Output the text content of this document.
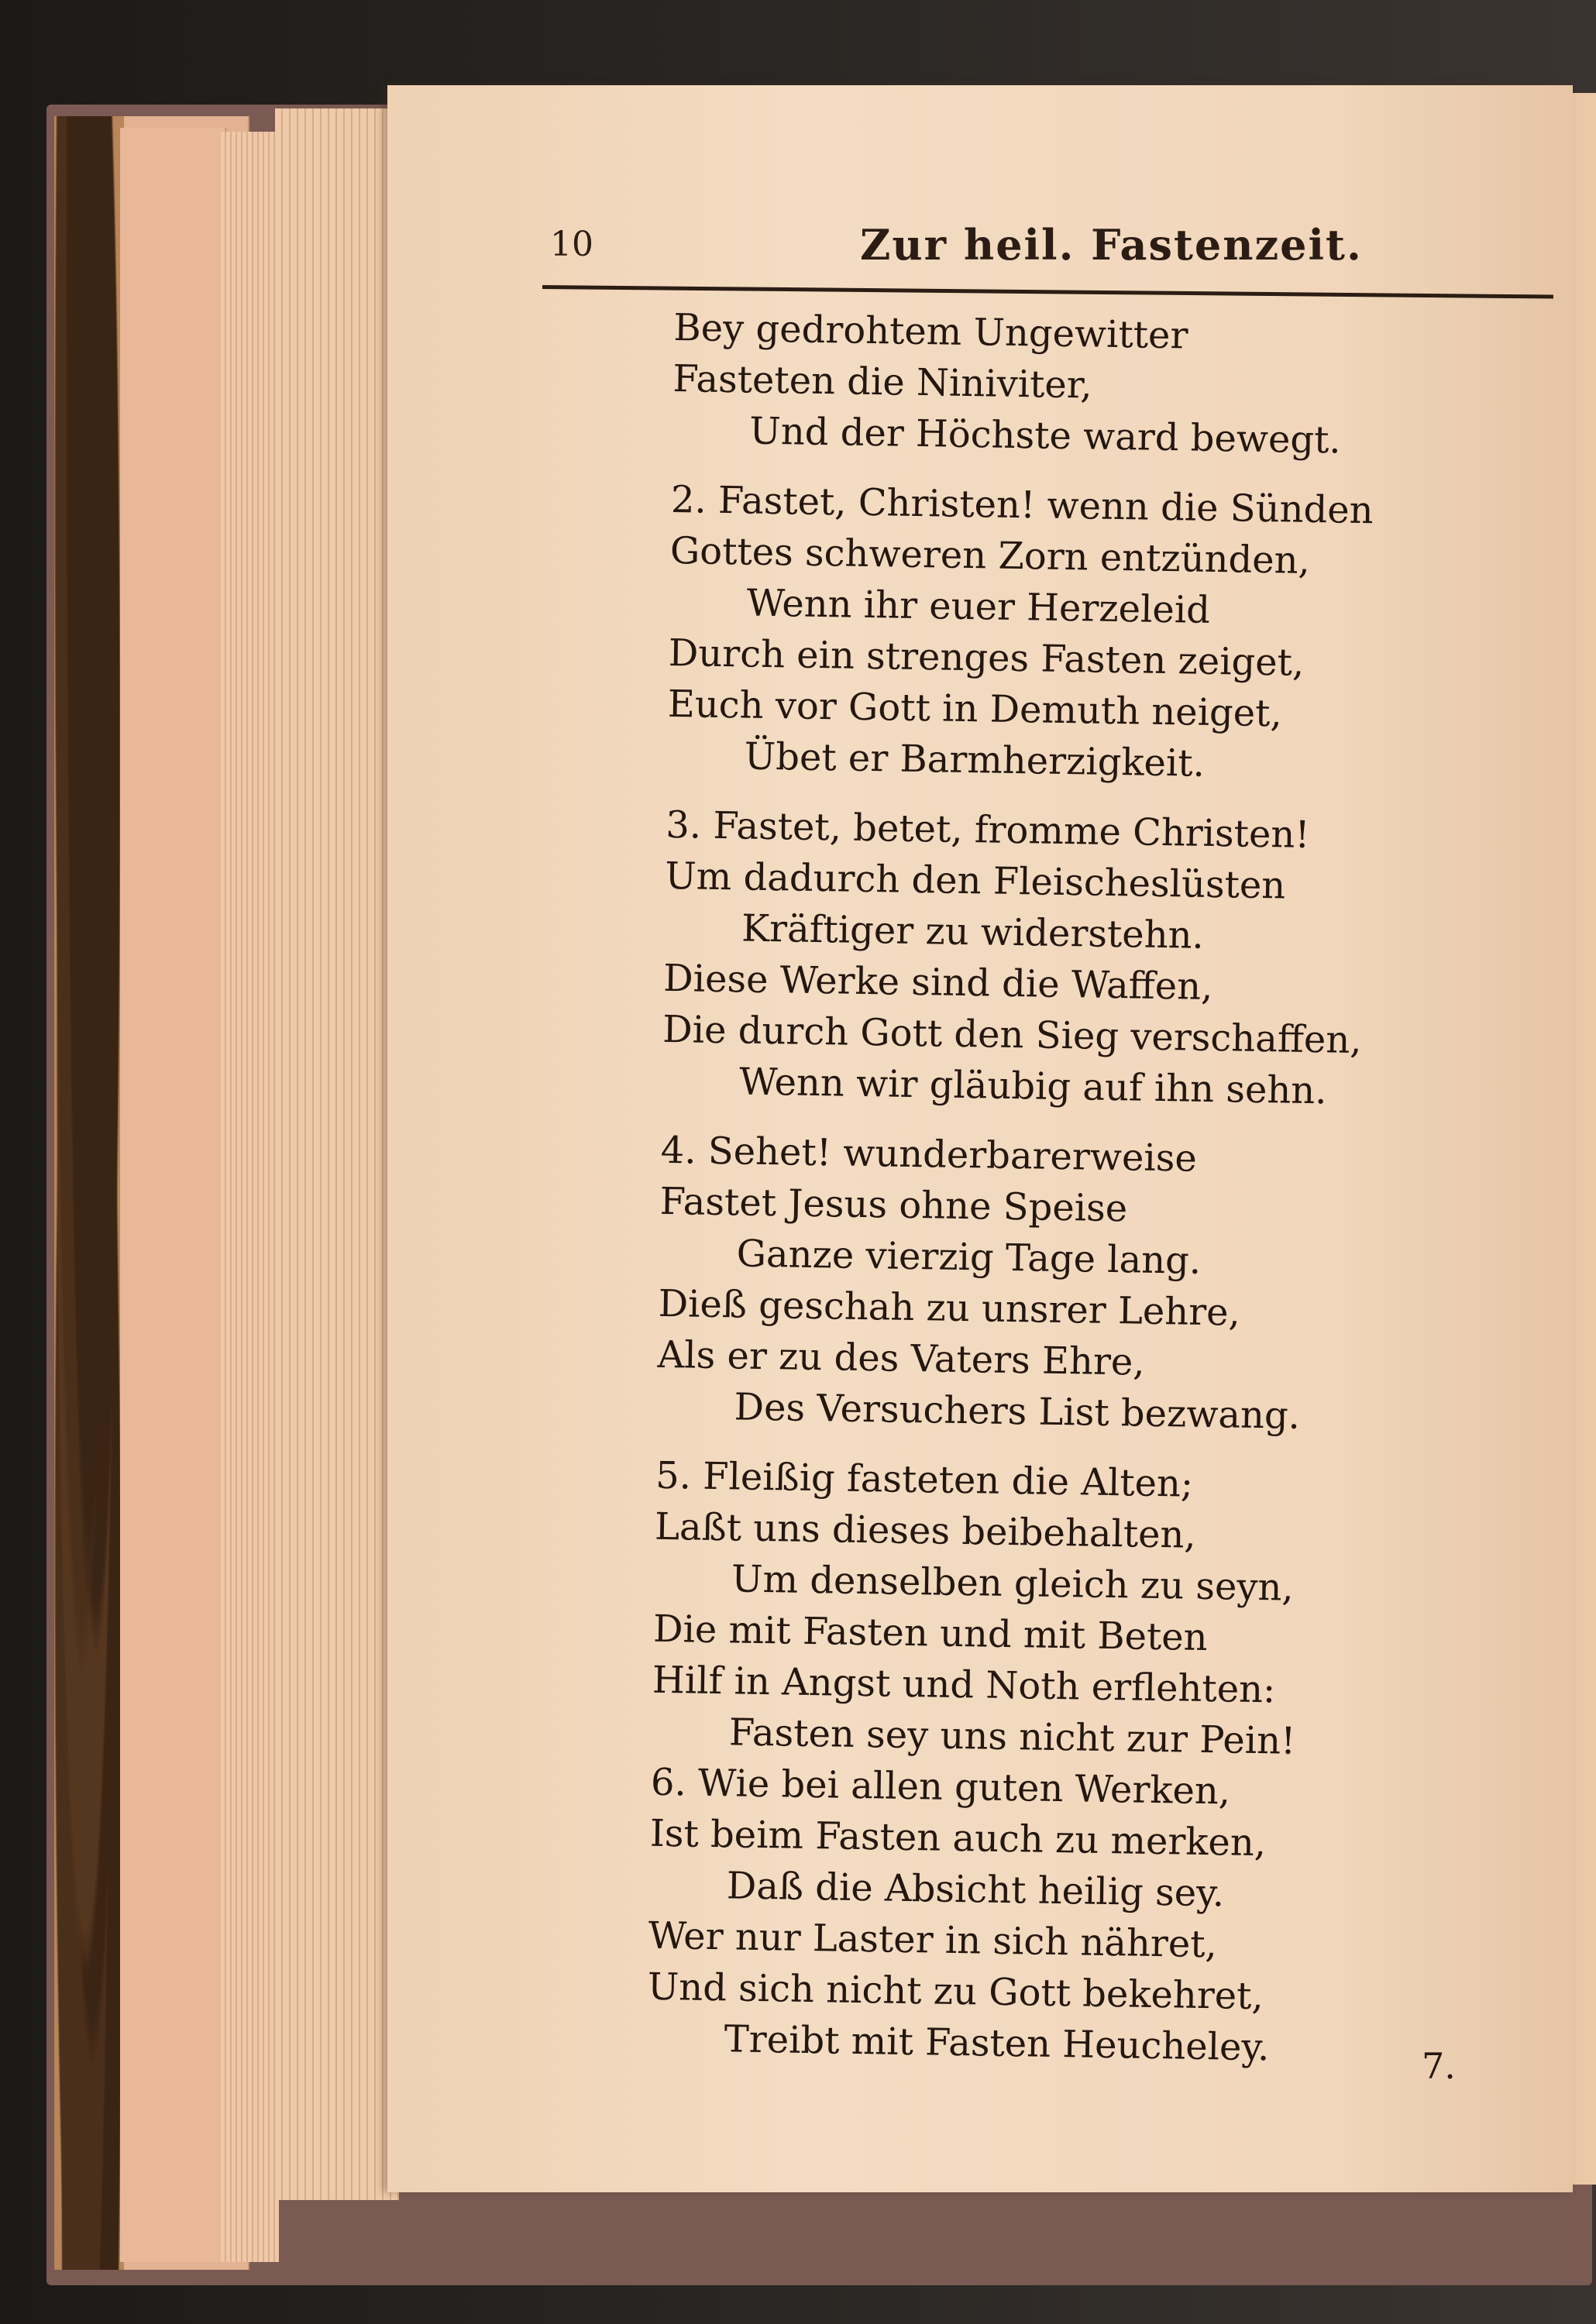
10	Zur heil. Fastenzeit.
Bey gedrohtem Ungewitter
Fasteten die Niniviter,
Und der Höchste ward bewegt.
2. Fastet, Christen! wenn die Sünden
Gottes schweren Zorn entzünden,
Wenn ihr euer Herzeleid
Durch ein strenges Fasten zeiget,
Euch vor Gott in Demuth neiget,
Übet er Barmherzigkeit.
3. Fastet, betet, fromme Christen!
Um dadurch den Fleischeslüsten
Kräftiger zu widerstehn.
Diese Werke sind die Waffen,
Die durch Gott den Sieg verschaffen,
Wenn wir gläubig auf ihn sehn.
4. Sehet! wunderbarerweise
Fastet Jesus ohne Speise
Ganze vierzig Tage lang.
Dieß geschah zu unsrer Lehre,
Als er zu des Vaters Ehre,
Des Versuchers List bezwang.
5. Fleißig fasteten die Alten;
Laßt uns dieses beibehalten,
Um denselben gleich zu seyn,
Die mit Fasten und mit Beten
Hilf in Angst und Noth erflehten:
Fasten sey uns nicht zur Pein!
6. Wie bei allen guten Werken,
Ist beim Fasten auch zu merken,
Daß die Absicht heilig sey.
Wer nur Laster in sich nähret,
Und sich nicht zu Gott bekehret,
Treibt mit Fasten Heucheley.	7.
